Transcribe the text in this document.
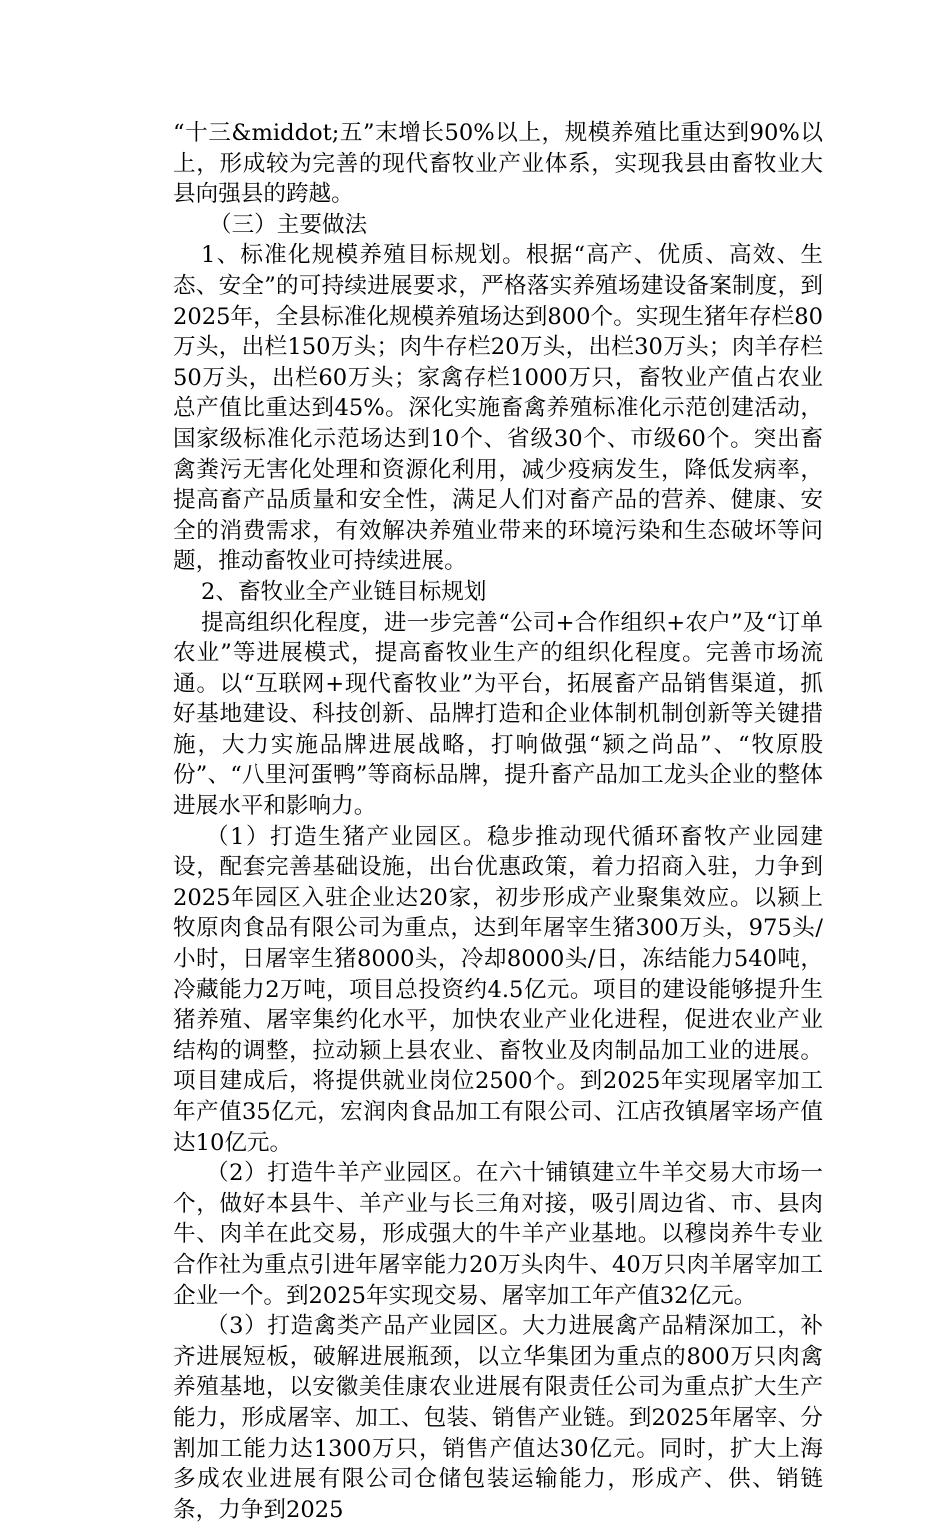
“十三&middot;五”末增长50%以上，规模养殖比重达到90%以上，形成较为完善的现代畜牧业产业体系，实现我县由畜牧业大县向强县的跨越。

（三）主要做法

1、标准化规模养殖目标规划。根据“高产、优质、高效、生态、安全”的可持续进展要求，严格落实养殖场建设备案制度，到2025年，全县标准化规模养殖场达到800个。实现生猪年存栏80万头，出栏150万头；肉牛存栏20万头，出栏30万头；肉羊存栏50万头，出栏60万头；家禽存栏1000万只，畜牧业产值占农业总产值比重达到45%。深化实施畜禽养殖标准化示范创建活动，国家级标准化示范场达到10个、省级30个、市级60个。突出畜禽粪污无害化处理和资源化利用，减少疫病发生，降低发病率，提高畜产品质量和安全性，满足人们对畜产品的营养、健康、安全的消费需求，有效解决养殖业带来的环境污染和生态破坏等问题，推动畜牧业可持续进展。

2、畜牧业全产业链目标规划

提高组织化程度，进一步完善“公司+合作组织+农户”及“订单农业”等进展模式，提高畜牧业生产的组织化程度。完善市场流通。以“互联网+现代畜牧业”为平台，拓展畜产品销售渠道，抓好基地建设、科技创新、品牌打造和企业体制机制创新等关键措施，大力实施品牌进展战略，打响做强“颍之尚品”、“牧原股份”、“八里河蛋鸭”等商标品牌，提升畜产品加工龙头企业的整体进展水平和影响力。

（1）打造生猪产业园区。稳步推动现代循环畜牧产业园建设，配套完善基础设施，出台优惠政策，着力招商入驻，力争到2025年园区入驻企业达20家，初步形成产业聚集效应。以颍上牧原肉食品有限公司为重点，达到年屠宰生猪300万头，975头/小时，日屠宰生猪8000头，冷却8000头/日，冻结能力540吨，冷藏能力2万吨，项目总投资约4.5亿元。项目的建设能够提升生猪养殖、屠宰集约化水平，加快农业产业化进程，促进农业产业结构的调整，拉动颍上县农业、畜牧业及肉制品加工业的进展。项目建成后，将提供就业岗位2500个。到2025年实现屠宰加工年产值35亿元，宏润肉食品加工有限公司、江店孜镇屠宰场产值达10亿元。

（2）打造牛羊产业园区。在六十铺镇建立牛羊交易大市场一个，做好本县牛、羊产业与长三角对接，吸引周边省、市、县肉牛、肉羊在此交易，形成强大的牛羊产业基地。以穆岗养牛专业合作社为重点引进年屠宰能力20万头肉牛、40万只肉羊屠宰加工企业一个。到2025年实现交易、屠宰加工年产值32亿元。

（3）打造禽类产品产业园区。大力进展禽产品精深加工，补齐进展短板，破解进展瓶颈，以立华集团为重点的800万只肉禽养殖基地，以安徽美佳康农业进展有限责任公司为重点扩大生产能力，形成屠宰、加工、包装、销售产业链。到2025年屠宰、分割加工能力达1300万只，销售产值达30亿元。同时，扩大上海多成农业进展有限公司仓储包装运输能力，形成产、供、销链条，力争到2025
